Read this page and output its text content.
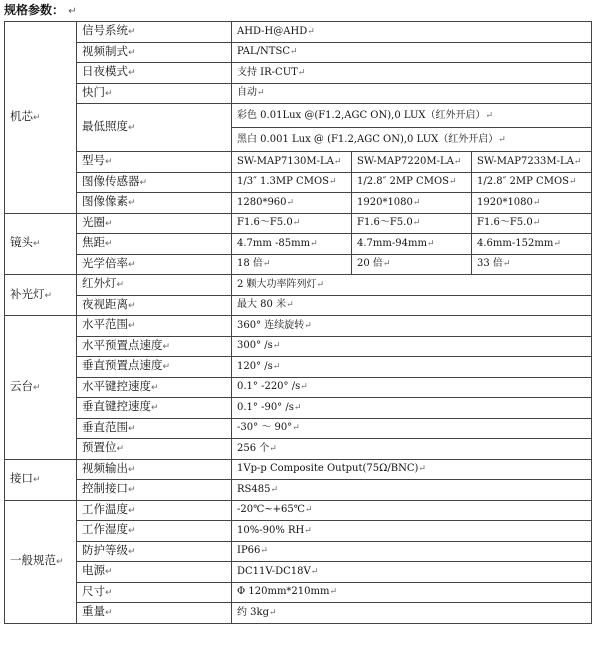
规格参数： ↵
机芯↵	信号系统↵	AHD-H@AHD↵		
	视频制式↵	PAL/NTSC↵		
	日夜模式↵	支持 IR-CUT↵		
	快门↵	自动↵		
	最低照度↵	彩色 0.01Lux @(F1.2,AGC ON),0 LUX（红外开启）↵		
		黑白 0.001 Lux @ (F1.2,AGC ON),0 LUX（红外开启）↵		
	型号↵	SW-MAP7130M-LA↵	SW-MAP7220M-LA↵	SW-MAP7233M-LA↵
	图像传感器↵	1/3″ 1.3MP CMOS↵	1/2.8″ 2MP CMOS↵	1/2.8″ 2MP CMOS↵
	图像像素↵	1280*960↵	1920*1080↵	1920*1080↵
镜头↵	光圈↵	F1.6～F5.0↵	F1.6～F5.0↵	F1.6～F5.0↵
	焦距↵	4.7mm -85mm↵	4.7mm-94mm↵	4.6mm-152mm↵
	光学倍率↵	18 倍↵	20 倍↵	33 倍↵
补光灯↵	红外灯↵	2 颗大功率阵列灯↵		
	夜视距离↵	最大 80 米↵		
云台↵	水平范围↵	360° 连续旋转↵		
	水平预置点速度↵	300° /s↵		
	垂直预置点速度↵	120° /s↵		
	水平键控速度↵	0.1° -220° /s↵		
	垂直键控速度↵	0.1° -90° /s↵		
	垂直范围↵	-30° ～ 90°↵		
	预置位↵	256 个↵		
接口↵	视频输出↵	1Vp-p Composite Output(75Ω/BNC)↵		
	控制接口↵	RS485↵		
一般规范↵	工作温度↵	-20℃~+65℃↵		
	工作湿度↵	10%-90% RH↵		
	防护等级↵	IP66↵		
	电源↵	DC11V-DC18V↵		
	尺寸↵	Φ 120mm*210mm↵		
	重量↵	约 3kg↵		
